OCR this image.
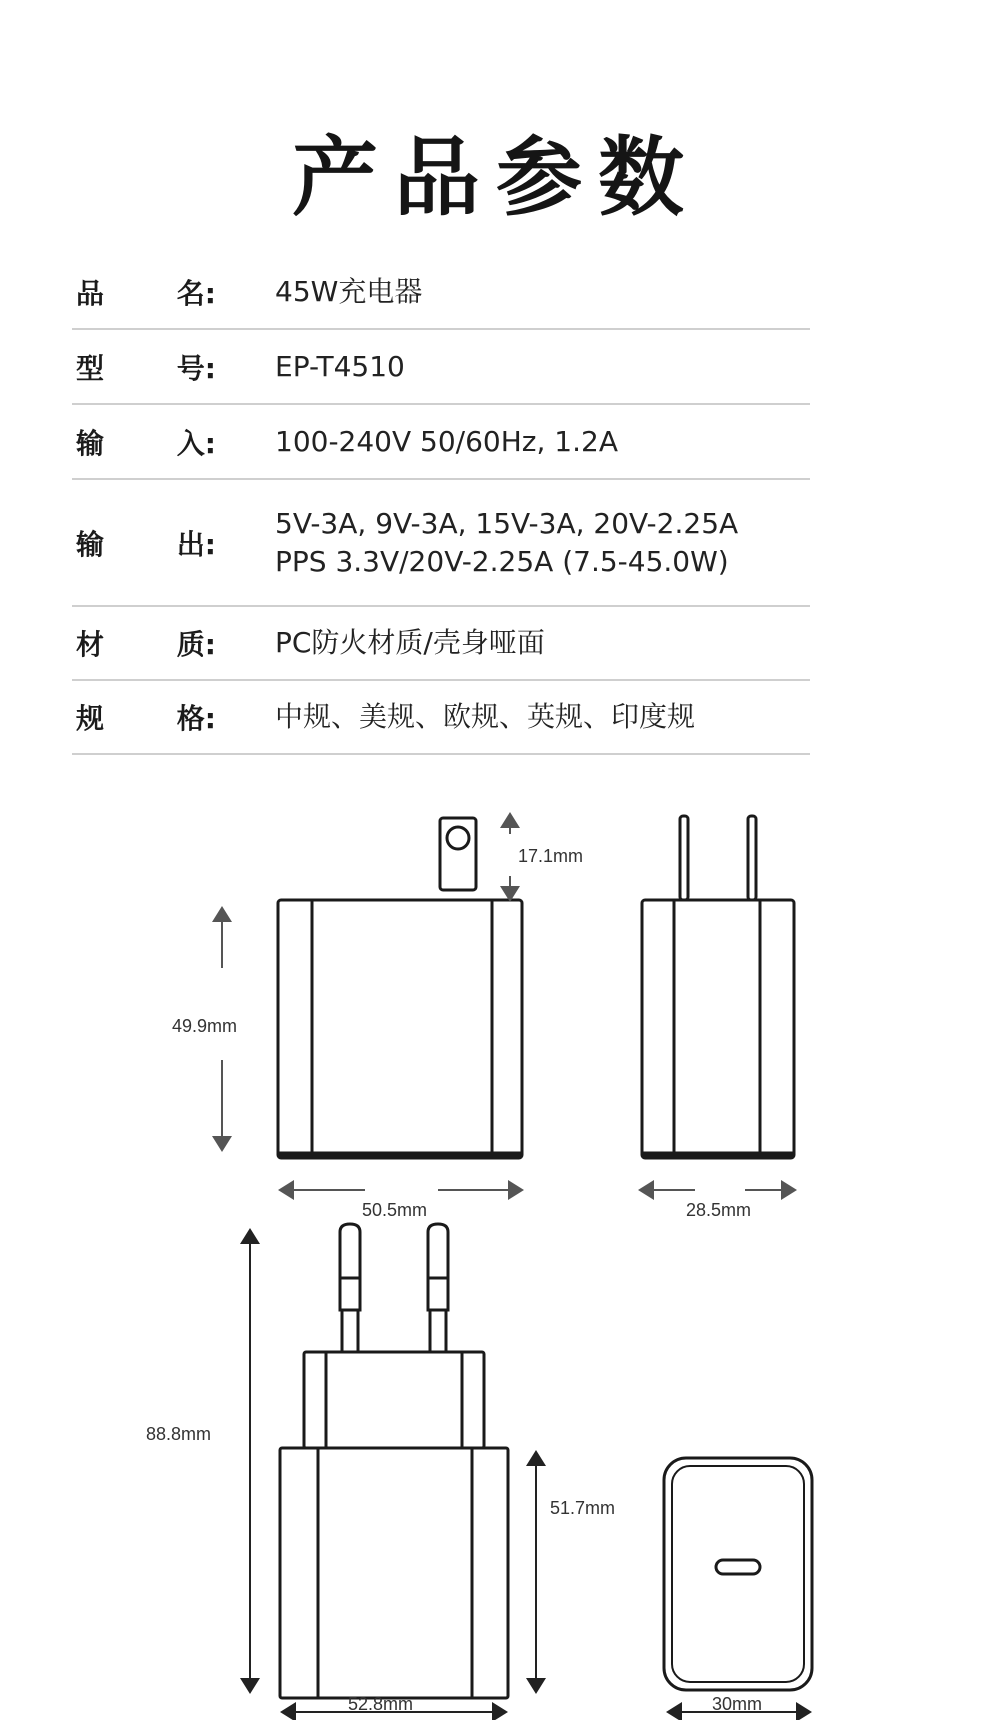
产品参数
品	名: 45W充电器
型	号: EP-T4510
输	入: 100-240V 50/60Hz, 1.2A
输	出:
5V-3A, 9V-3A, 15V-3A, 20V-2.25A
PPS 3.3V/20V-2.25A (7.5-45.0W)
材	质: PC防火材质/壳身哑面
规	格: 中规、美规、欧规、英规、印度规
17.1mm
49.9mm
50.5mm	28.5mm
88.8mm
51.7mm
52.8mm	30mm
